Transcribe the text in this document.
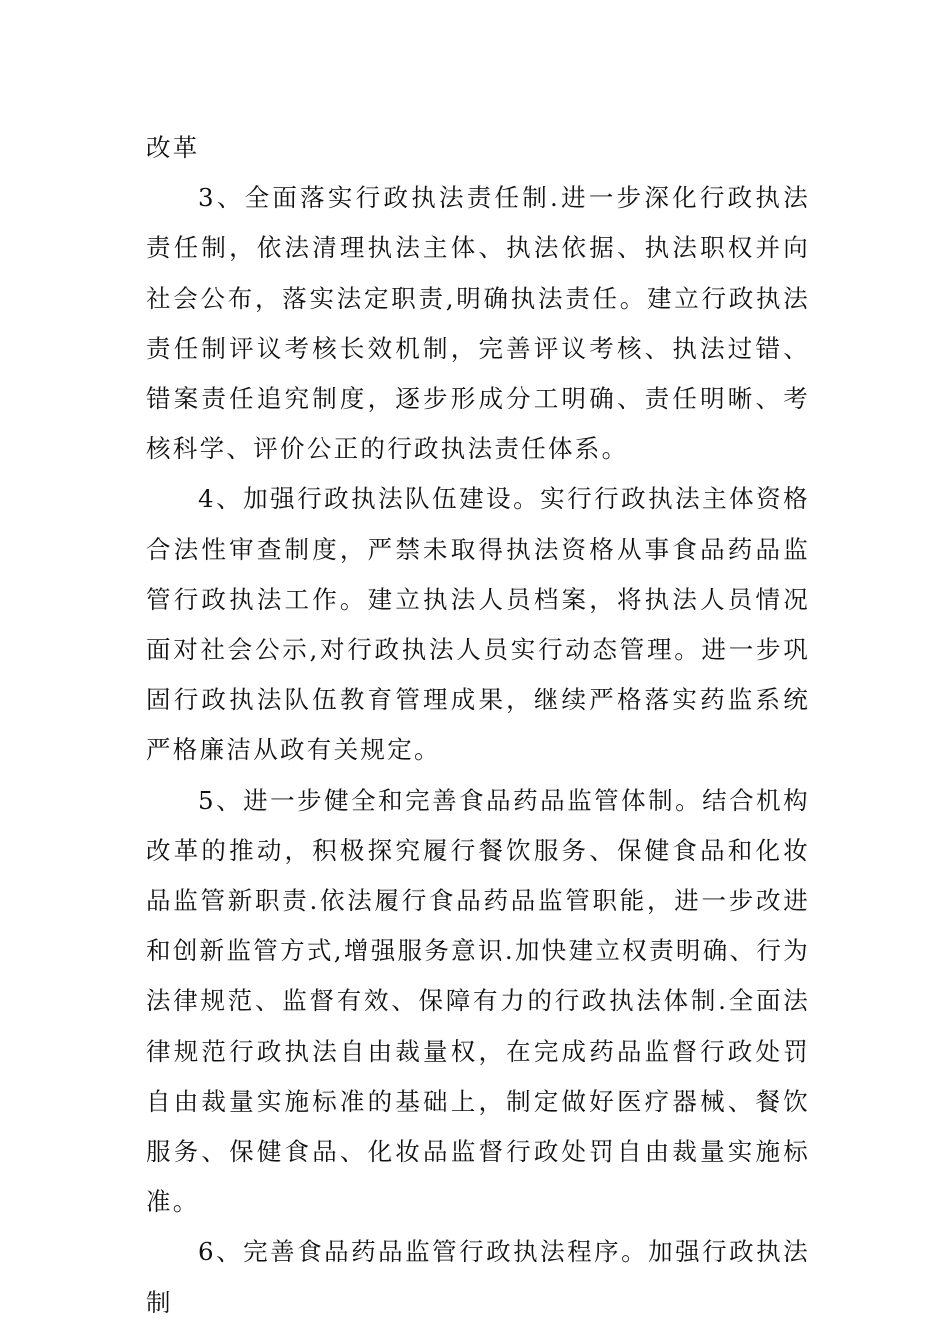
改革

3、全面落实行政执法责任制.进一步深化行政执法责任制，依法清理执法主体、执法依据、执法职权并向社会公布，落实法定职责,明确执法责任。建立行政执法责任制评议考核长效机制，完善评议考核、执法过错、错案责任追究制度，逐步形成分工明确、责任明晰、考核科学、评价公正的行政执法责任体系。

4、加强行政执法队伍建设。实行行政执法主体资格合法性审查制度，严禁未取得执法资格从事食品药品监管行政执法工作。建立执法人员档案，将执法人员情况面对社会公示,对行政执法人员实行动态管理。进一步巩固行政执法队伍教育管理成果，继续严格落实药监系统严格廉洁从政有关规定。

5、进一步健全和完善食品药品监管体制。结合机构改革的推动，积极探究履行餐饮服务、保健食品和化妆品监管新职责.依法履行食品药品监管职能，进一步改进和创新监管方式,增强服务意识.加快建立权责明确、行为法律规范、监督有效、保障有力的行政执法体制.全面法律规范行政执法自由裁量权，在完成药品监督行政处罚自由裁量实施标准的基础上，制定做好医疗器械、餐饮服务、保健食品、化妆品监督行政处罚自由裁量实施标准。

6、完善食品药品监管行政执法程序。加强行政执法制
